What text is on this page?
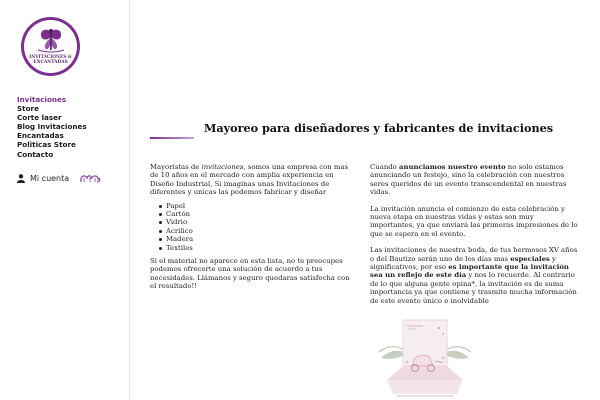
INVITACIONES &
ENCANTADAS
Invitaciones
Store
Corte laser
Blog Invitaciones
Encantadas
Politicas Store
Contacto
Mi cuenta
Mayoreo para diseñadores y fabricantes de invitaciones

Mayoristas de invitaciones, somos una empresa con mas de 10 años en el mercado con amplia experiencia en Diseño Industrial, Si imaginas unas Invitaciones de diferentes y unicas las podemos fabricar y diseñar

Papel
Cartón
Vidrio
Acrilico
Madera
Textiles

Si el material no aparece en esta lista, no te preocupes podemos ofrecerte una solución de acuerdo a tus necesidades. Llámanos y seguro quedaras satisfecha con el resultado!!

Cuando anunciamos nuestro evento no solo estamos anunciando un festejo, sino la celebración con nuestros seres queridos de un evento transcendental en nuestras vidas.

La invitación anuncia el comienzo de esta celebración y nueva etapa en nuestras vidas y estas son muy importantes, ya que enviará las primeras impresiones de lo que se espera en el evento.

Las invitaciones de nuestra boda, de tus hermosos XV años o del Bautizo serán uno de los días mas especiales y significativos, por eso es importante que la invitación sea un reflejo de este día y nos lo recuerde. Al contrario de lo que alguna gente opina*, la invitación es de suma importancia ya que contiene y trasmite mucha información de este evento único e inolvidable
